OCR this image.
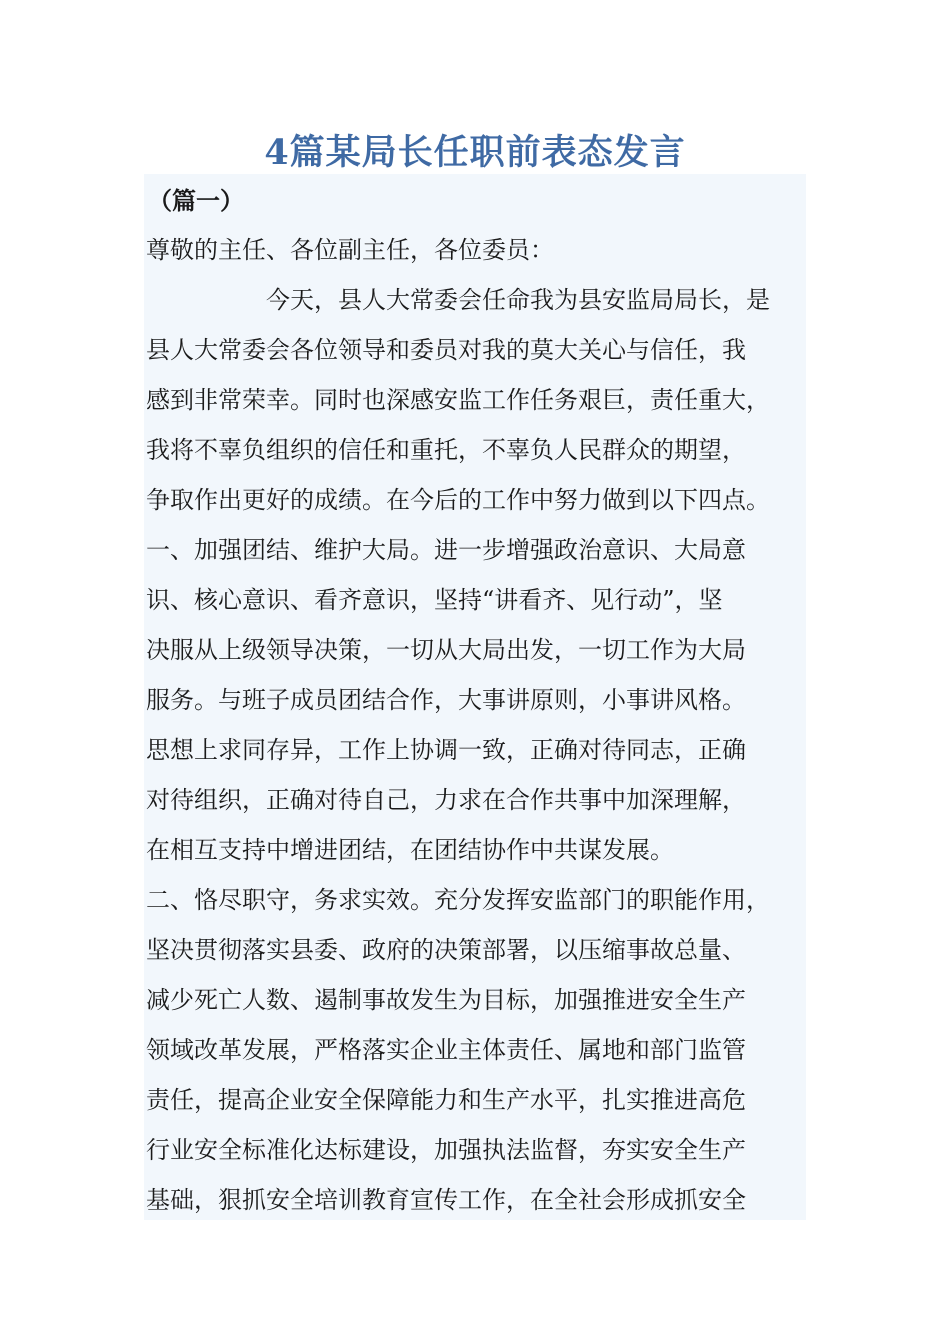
4篇某局长任职前表态发言
（篇一）
尊敬的主任、各位副主任，各位委员：
　　　　　今天，县人大常委会任命我为县安监局局长，是
县人大常委会各位领导和委员对我的莫大关心与信任，我
感到非常荣幸。同时也深感安监工作任务艰巨，责任重大，
我将不辜负组织的信任和重托，不辜负人民群众的期望，
争取作出更好的成绩。在今后的工作中努力做到以下四点。
一、加强团结、维护大局。进一步增强政治意识、大局意
识、核心意识、看齐意识，坚持“讲看齐、见行动”，坚
决服从上级领导决策，一切从大局出发，一切工作为大局
服务。与班子成员团结合作，大事讲原则，小事讲风格。
思想上求同存异，工作上协调一致，正确对待同志，正确
对待组织，正确对待自己，力求在合作共事中加深理解，
在相互支持中增进团结，在团结协作中共谋发展。
二、恪尽职守，务求实效。充分发挥安监部门的职能作用，
坚决贯彻落实县委、政府的决策部署，以压缩事故总量、
减少死亡人数、遏制事故发生为目标，加强推进安全生产
领域改革发展，严格落实企业主体责任、属地和部门监管
责任，提高企业安全保障能力和生产水平，扎实推进高危
行业安全标准化达标建设，加强执法监督，夯实安全生产
基础，狠抓安全培训教育宣传工作，在全社会形成抓安全
